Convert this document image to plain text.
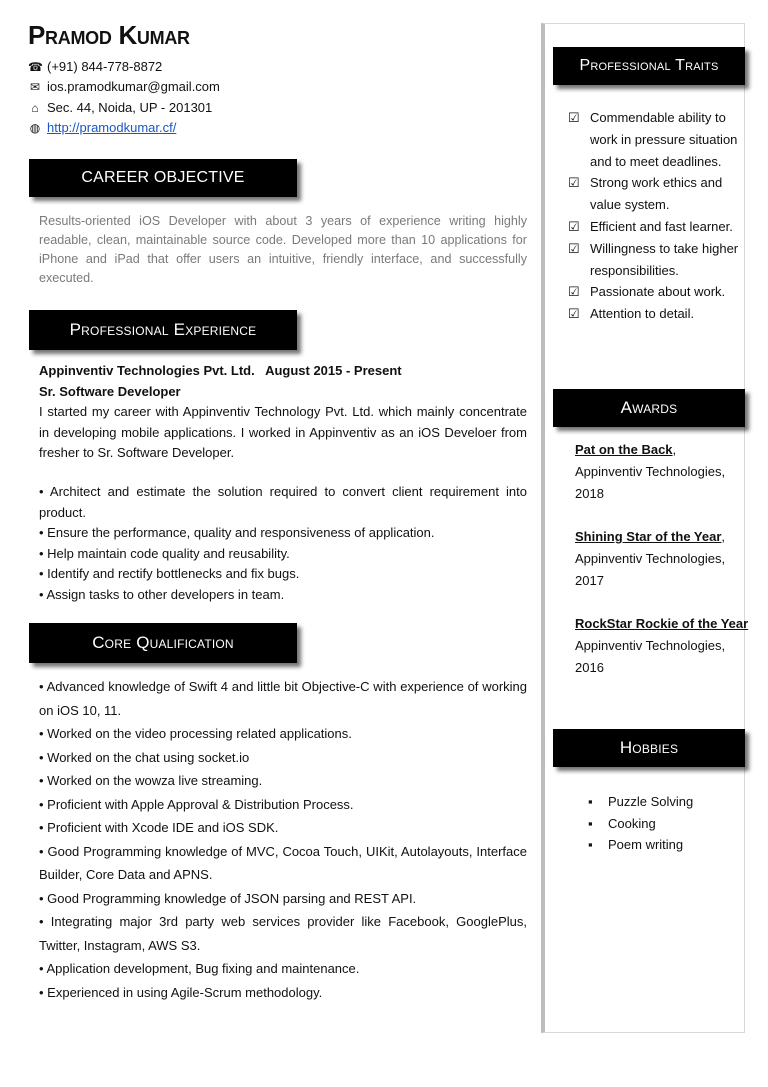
Pramod Kumar
☎ (+91) 844-778-8872
✉ ios.pramodkumar@gmail.com
⌂ Sec. 44, Noida, UP - 201301
◍ http://pramodkumar.cf/
CAREER OBJECTIVE
Results-oriented iOS Developer with about 3 years of experience writing highly readable, clean, maintainable source code. Developed more than 10 applications for iPhone and iPad that offer users an intuitive, friendly interface, and successfully executed.
Professional Experience
Appinventiv Technologies Pvt. Ltd.   August 2015 - Present
Sr. Software Developer
I started my career with Appinventiv Technology Pvt. Ltd. which mainly concentrate in developing mobile applications. I worked in Appinventiv as an iOS Develoer from fresher to Sr. Software Developer.
• Architect and estimate the solution required to convert client requirement into product.
• Ensure the performance, quality and responsiveness of application.
• Help maintain code quality and reusability.
• Identify and rectify bottlenecks and fix bugs.
• Assign tasks to other developers in team.
Core Qualification
• Advanced knowledge of Swift 4 and little bit Objective-C with experience of working on iOS 10, 11.
• Worked on the video processing related applications.
• Worked on the chat using socket.io
• Worked on the wowza live streaming.
• Proficient with Apple Approval & Distribution Process.
• Proficient with Xcode IDE and iOS SDK.
• Good Programming knowledge of MVC, Cocoa Touch, UIKit, Autolayouts, Interface Builder, Core Data and APNS.
• Good Programming knowledge of JSON parsing and REST API.
• Integrating major 3rd party web services provider like Facebook, GooglePlus, Twitter, Instagram, AWS S3.
• Application development, Bug fixing and maintenance.
• Experienced in using Agile-Scrum methodology.
Professional Traits
☑ Commendable ability to work in pressure situation and to meet deadlines.
☑ Strong work ethics and value system.
☑ Efficient and fast learner.
☑ Willingness to take higher responsibilities.
☑ Passionate about work.
☑ Attention to detail.
Awards
Pat on the Back,
Appinventiv Technologies,
2018
Shining Star of the Year,
Appinventiv Technologies,
2017
RockStar Rockie of the Year
Appinventiv Technologies,
2016
Hobbies
▪	Puzzle Solving
▪	Cooking
▪	Poem writing
